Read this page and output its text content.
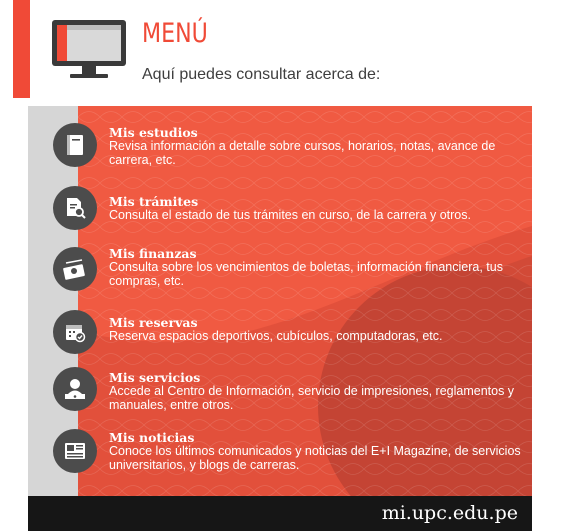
MENÚ
Aquí puedes consultar acerca de:
Mis estudios
Revisa información a detalle sobre cursos, horarios, notas, avance de carrera, etc.
Mis trámites
Consulta el estado de tus trámites en curso, de la carrera y otros.
Mis finanzas
Consulta sobre los vencimientos de boletas, información financiera, tus compras, etc.
Mis reservas
Reserva espacios deportivos, cubículos, computadoras, etc.
Mis servicios
Accede al Centro de Información, servicio de impresiones, reglamentos y manuales, entre otros.
Mis noticias
Conoce los últimos comunicados y noticias del E+I Magazine, de servicios universitarios, y blogs de carreras.
mi.upc.edu.pe
